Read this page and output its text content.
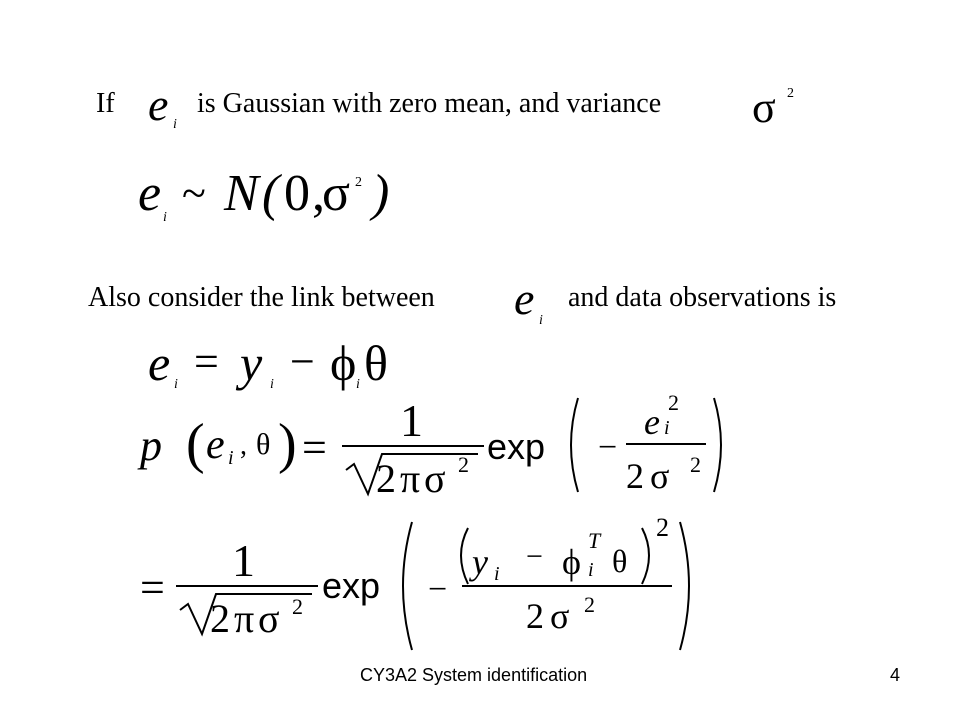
If e i
is Gaussian with zero mean, and variance σ 2
e i ~ N ( 0 ,
σ 2 )
Also consider the link between e i
and data observations is
e i = y i − ϕ i θ
p ( e i , θ ) =
1
2 π σ 2 exp −
e 2
i
2 σ 2
=
1
2 π σ 2
exp −
y i
− ϕ
T
i θ
2
2 σ 2
CY3A2 System identification	4
